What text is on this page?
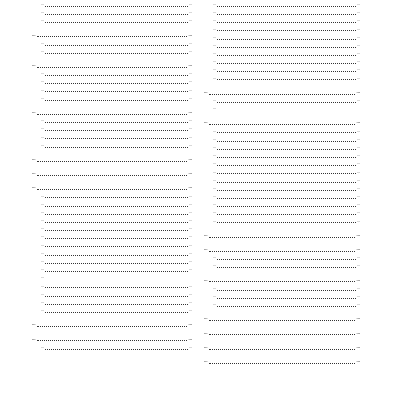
…	…
…	…
…	…
…	…
…	…
…	…
…	…
…	…
…	…
…	…
…	…
…	…
…	…
…	…
…	…
…	…
…	…
…	…
…	…
…	…
…	…
…	…
…	…
…	…
…	…
…	…
…	…
…	…
…	…
…
…	…
…	…
…	…
…	…
…	…
…	…
…	…
…	…
…	…
…	…
…	…
…	…
…	…
…	…
…	…
…	…
…	…
…	…
…	…
…
…	…
…	…
…	…
…	…
…	…
…	…
…	…
…	…
…	…
…	…
…	…
…	…
…	…
…	…
…	…
…	…
…	…
…	…
…	…
…	…
…	…
…	…
…	…
…	…
…	…
